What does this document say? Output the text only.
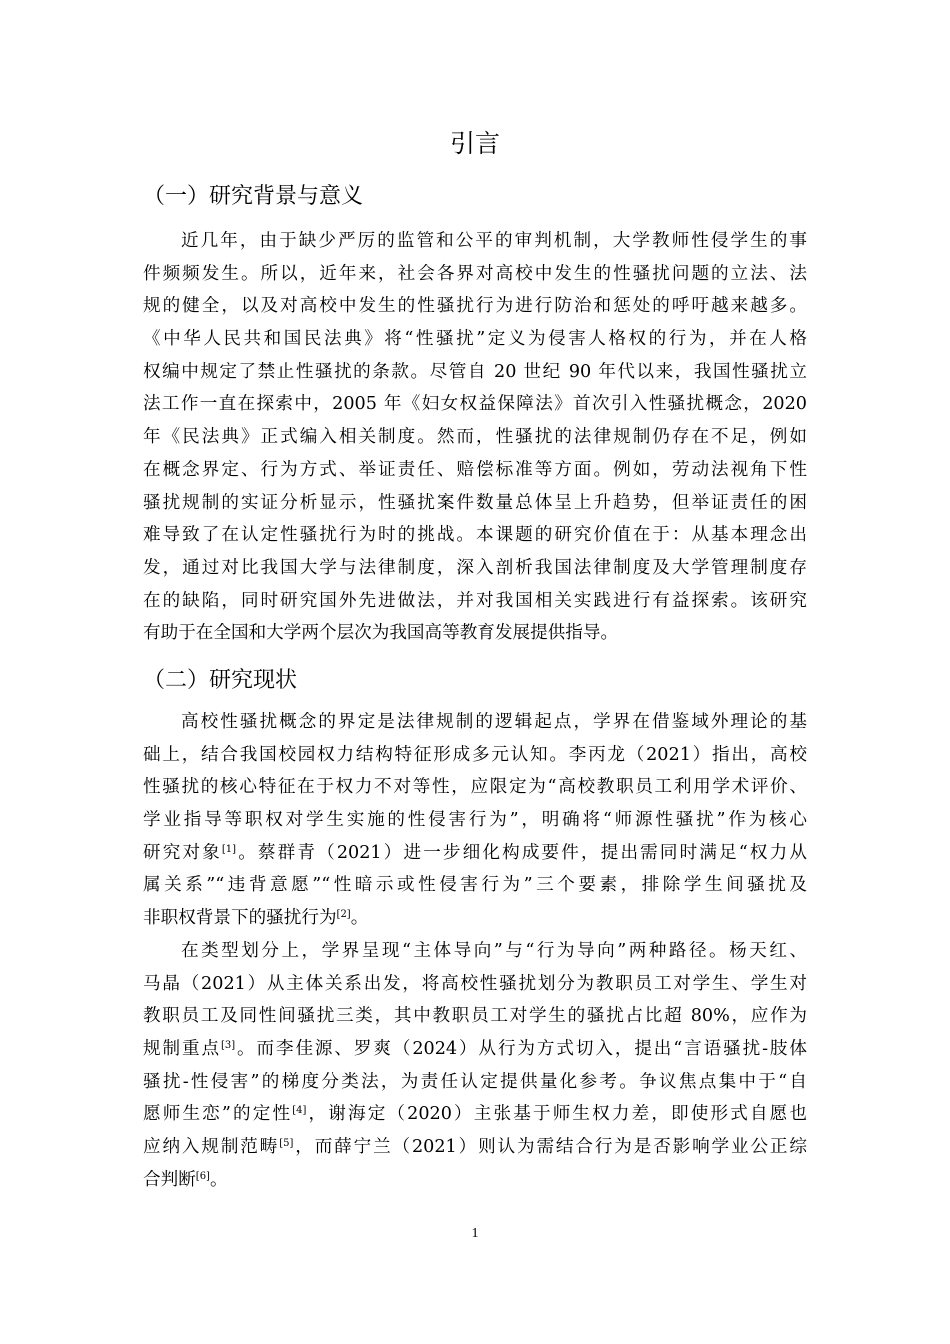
引言
（一）研究背景与意义
近几年，由于缺少严厉的监管和公平的审判机制，大学教师性侵学生的事
件频频发生。所以，近年来，社会各界对高校中发生的性骚扰问题的立法、法
规的健全，以及对高校中发生的性骚扰行为进行防治和惩处的呼吁越来越多。
《中华人民共和国民法典》将“性骚扰”定义为侵害人格权的行为，并在人格
权编中规定了禁止性骚扰的条款。尽管自 20 世纪 90 年代以来，我国性骚扰立
法工作一直在探索中，2005 年《妇女权益保障法》首次引入性骚扰概念，2020
年《民法典》正式编入相关制度。然而，性骚扰的法律规制仍存在不足，例如
在概念界定、行为方式、举证责任、赔偿标准等方面。例如，劳动法视角下性
骚扰规制的实证分析显示，性骚扰案件数量总体呈上升趋势，但举证责任的困
难导致了在认定性骚扰行为时的挑战。本课题的研究价值在于：从基本理念出
发，通过对比我国大学与法律制度，深入剖析我国法律制度及大学管理制度存
在的缺陷，同时研究国外先进做法，并对我国相关实践进行有益探索。该研究
有助于在全国和大学两个层次为我国高等教育发展提供指导。
（二）研究现状
高校性骚扰概念的界定是法律规制的逻辑起点，学界在借鉴域外理论的基
础上，结合我国校园权力结构特征形成多元认知。李丙龙（2021）指出，高校
性骚扰的核心特征在于权力不对等性，应限定为“高校教职员工利用学术评价、
学业指导等职权对学生实施的性侵害行为”，明确将“师源性骚扰”作为核心
研究对象[1]。蔡群青（2021）进一步细化构成要件，提出需同时满足“权力从
属关系”“违背意愿”“性暗示或性侵害行为”三个要素，排除学生间骚扰及
非职权背景下的骚扰行为[2]。
在类型划分上，学界呈现“主体导向”与“行为导向”两种路径。杨天红、
马晶（2021）从主体关系出发，将高校性骚扰划分为教职员工对学生、学生对
教职员工及同性间骚扰三类，其中教职员工对学生的骚扰占比超 80%，应作为
规制重点[3]。而李佳源、罗爽（2024）从行为方式切入，提出“言语骚扰-肢体
骚扰-性侵害”的梯度分类法，为责任认定提供量化参考。争议焦点集中于“自
愿师生恋”的定性[4]，谢海定（2020）主张基于师生权力差，即使形式自愿也
应纳入规制范畴[5]，而薛宁兰（2021）则认为需结合行为是否影响学业公正综
合判断[6]。
1
